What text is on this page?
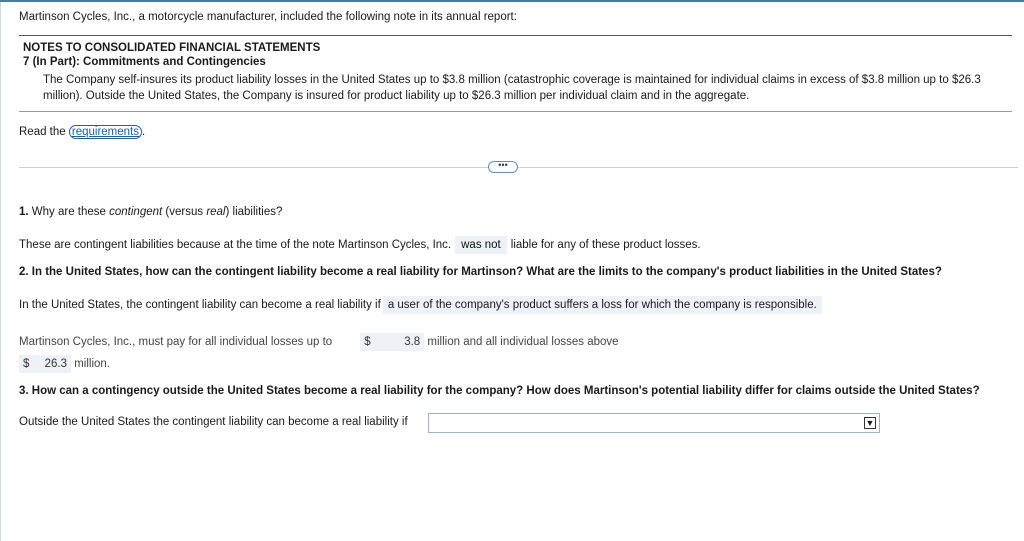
Martinson Cycles, Inc., a motorcycle manufacturer, included the following note in its annual report:
NOTES TO CONSOLIDATED FINANCIAL STATEMENTS
7 (In Part): Commitments and Contingencies
The Company self-insures its product liability losses in the United States up to $3.8 million (catastrophic coverage is maintained for individual claims in excess of $3.8 million up to $26.3 million). Outside the United States, the Company is insured for product liability up to $26.3 million per individual claim and in the aggregate.
Read the requirements .
•••
1. Why are these contingent (versus real) liabilities?
These are contingent liabilities because at the time of the note Martinson Cycles, Inc. was not liable for any of these product losses.
2. In the United States, how can the contingent liability become a real liability for Martinson? What are the limits to the company's product liabilities in the United States?
In the United States, the contingent liability can become a real liability if a user of the company's product suffers a loss for which the company is responsible.
Martinson Cycles, Inc., must pay for all individual losses up to	$	3.8 million and all individual losses above
$ 26.3 million.
3. How can a contingency outside the United States become a real liability for the company? How does Martinson's potential liability differ for claims outside the United States?
Outside the United States the contingent liability can become a real liability if	▼
